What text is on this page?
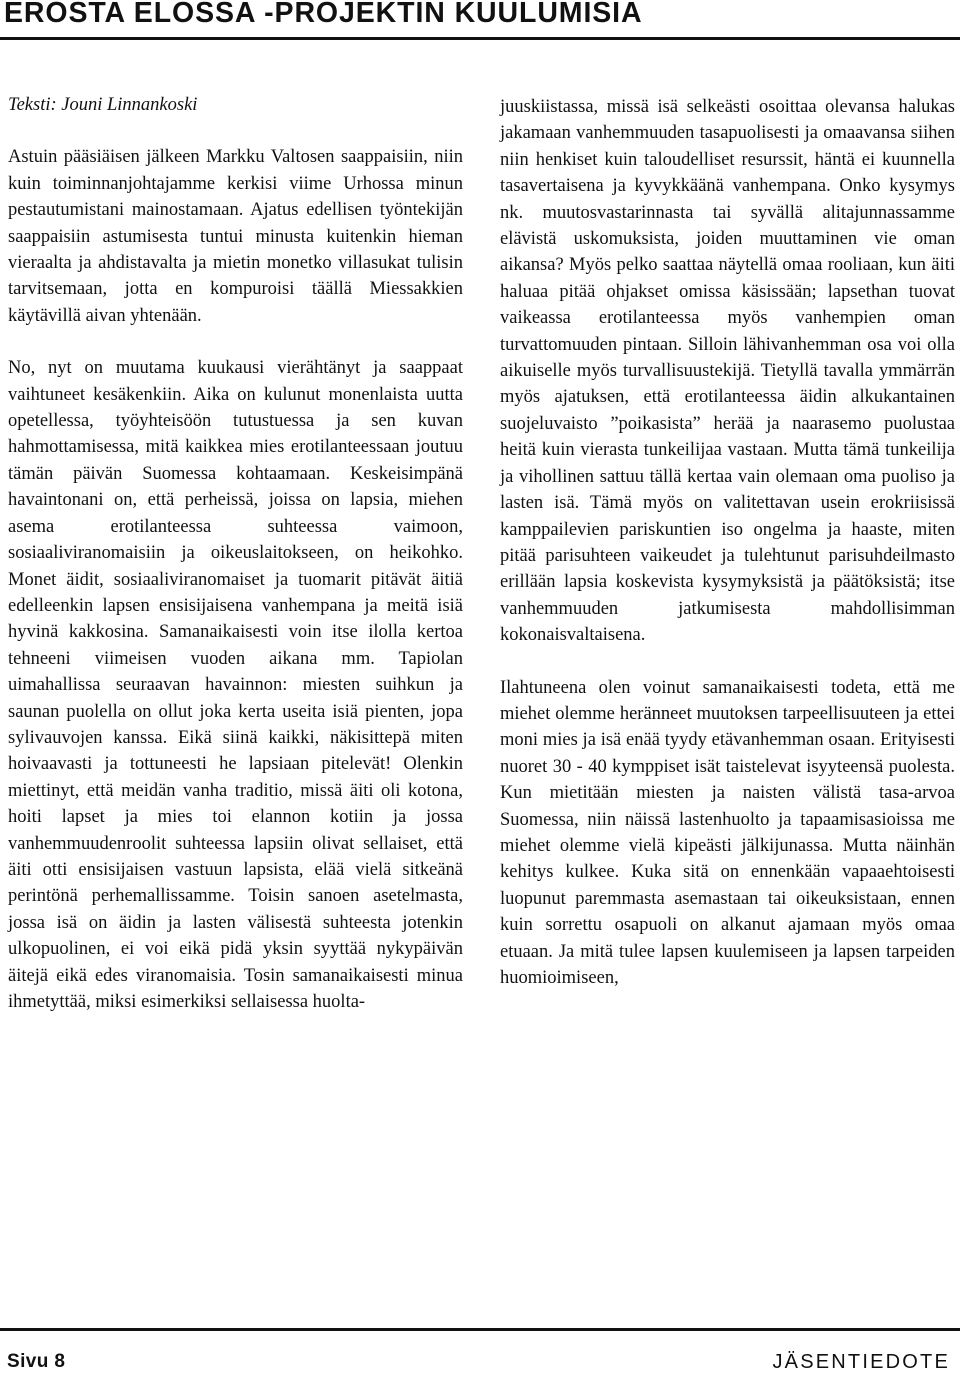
EROSTA ELOSSA -PROJEKTIN KUULUMISIA

Teksti: Jouni Linnankoski

Astuin pääsiäisen jälkeen Markku Valtosen saappaisiin, niin kuin toiminnanjohtajamme kerkisi viime Urhossa minun pestautumistani mainostamaan. Ajatus edellisen työntekijän saappaisiin astumisesta tuntui minusta kuitenkin hieman vieraalta ja ahdistavalta ja mietin monetko villasukat tulisin tarvitsemaan, jotta en kompuroisi täällä Miessakkien käytävillä aivan yhtenään.

No, nyt on muutama kuukausi vierähtänyt ja saappaat vaihtuneet kesäkenkiin. Aika on kulunut monenlaista uutta opetellessa, työyhteisöön tutustuessa ja sen kuvan hahmottamisessa, mitä kaikkea mies erotilanteessaan joutuu tämän päivän Suomessa kohtaamaan. Keskeisimpänä havaintonani on, että perheissä, joissa on lapsia, miehen asema erotilanteessa suhteessa vaimoon, sosiaaliviranomaisiin ja oikeuslaitokseen, on heikohko. Monet äidit, sosiaaliviranomaiset ja tuomarit pitävät äitiä edelleenkin lapsen ensisijaisena vanhempana ja meitä isiä hyvinä kakkosina. Samanaikaisesti voin itse ilolla kertoa tehneeni viimeisen vuoden aikana mm. Tapiolan uimahallissa seuraavan havainnon: miesten suihkun ja saunan puolella on ollut joka kerta useita isiä pienten, jopa sylivauvojen kanssa. Eikä siinä kaikki, näkisittepä miten hoivaavasti ja tottuneesti he lapsiaan pitelevät! Olenkin miettinyt, että meidän vanha traditio, missä äiti oli kotona, hoiti lapset ja mies toi elannon kotiin ja jossa vanhemmuudenroolit suhteessa lapsiin olivat sellaiset, että äiti otti ensisijaisen vastuun lapsista, elää vielä sitkeänä perintönä perhemallissamme. Toisin sanoen asetelmasta, jossa isä on äidin ja lasten välisestä suhteesta jotenkin ulkopuolinen, ei voi eikä pidä yksin syyttää nykypäivän äitejä eikä edes viranomaisia. Tosin samanaikaisesti minua ihmetyttää, miksi esimerkiksi sellaisessa huolta-

juuskiistassa, missä isä selkeästi osoittaa olevansa halukas jakamaan vanhemmuuden tasapuolisesti ja omaavansa siihen niin henkiset kuin taloudelliset resurssit, häntä ei kuunnella tasavertaisena ja kyvykkäänä vanhempana. Onko kysymys nk. muutosvastarinnasta tai syvällä alitajunnassamme elävistä uskomuksista, joiden muuttaminen vie oman aikansa? Myös pelko saattaa näytellä omaa rooliaan, kun äiti haluaa pitää ohjakset omissa käsissään; lapsethan tuovat vaikeassa erotilanteessa myös vanhempien oman turvattomuuden pintaan. Silloin lähivanhemman osa voi olla aikuiselle myös turvallisuustekijä. Tietyllä tavalla ymmärrän myös ajatuksen, että erotilanteessa äidin alkukantainen suojeluvaisto ”poikasista” herää ja naarasemo puolustaa heitä kuin vierasta tunkeilijaa vastaan. Mutta tämä tunkeilija ja vihollinen sattuu tällä kertaa vain olemaan oma puoliso ja lasten isä. Tämä myös on valitettavan usein erokriisissä kamppailevien pariskuntien iso ongelma ja haaste, miten pitää parisuhteen vaikeudet ja tulehtunut parisuhdeilmasto erillään lapsia koskevista kysymyksistä ja päätöksistä; itse vanhemmuuden jatkumisesta mahdollisimman kokonaisvaltaisena.

Ilahtuneena olen voinut samanaikaisesti todeta, että me miehet olemme heränneet muutoksen tarpeellisuuteen ja ettei moni mies ja isä enää tyydy etävanhemman osaan. Erityisesti nuoret 30 - 40 kymppiset isät taistelevat isyyteensä puolesta. Kun mietitään miesten ja naisten välistä tasa-arvoa Suomessa, niin näissä lastenhuolto ja tapaamisasioissa me miehet olemme vielä kipeästi jälkijunassa. Mutta näinhän kehitys kulkee. Kuka sitä on ennenkään vapaaehtoisesti luopunut paremmasta asemastaan tai oikeuksistaan, ennen kuin sorrettu osapuoli on alkanut ajamaan myös omaa etuaan. Ja mitä tulee lapsen kuulemiseen ja lapsen tarpeiden huomioimiseen,

Sivu 8	JÄSENTIEDOTE
